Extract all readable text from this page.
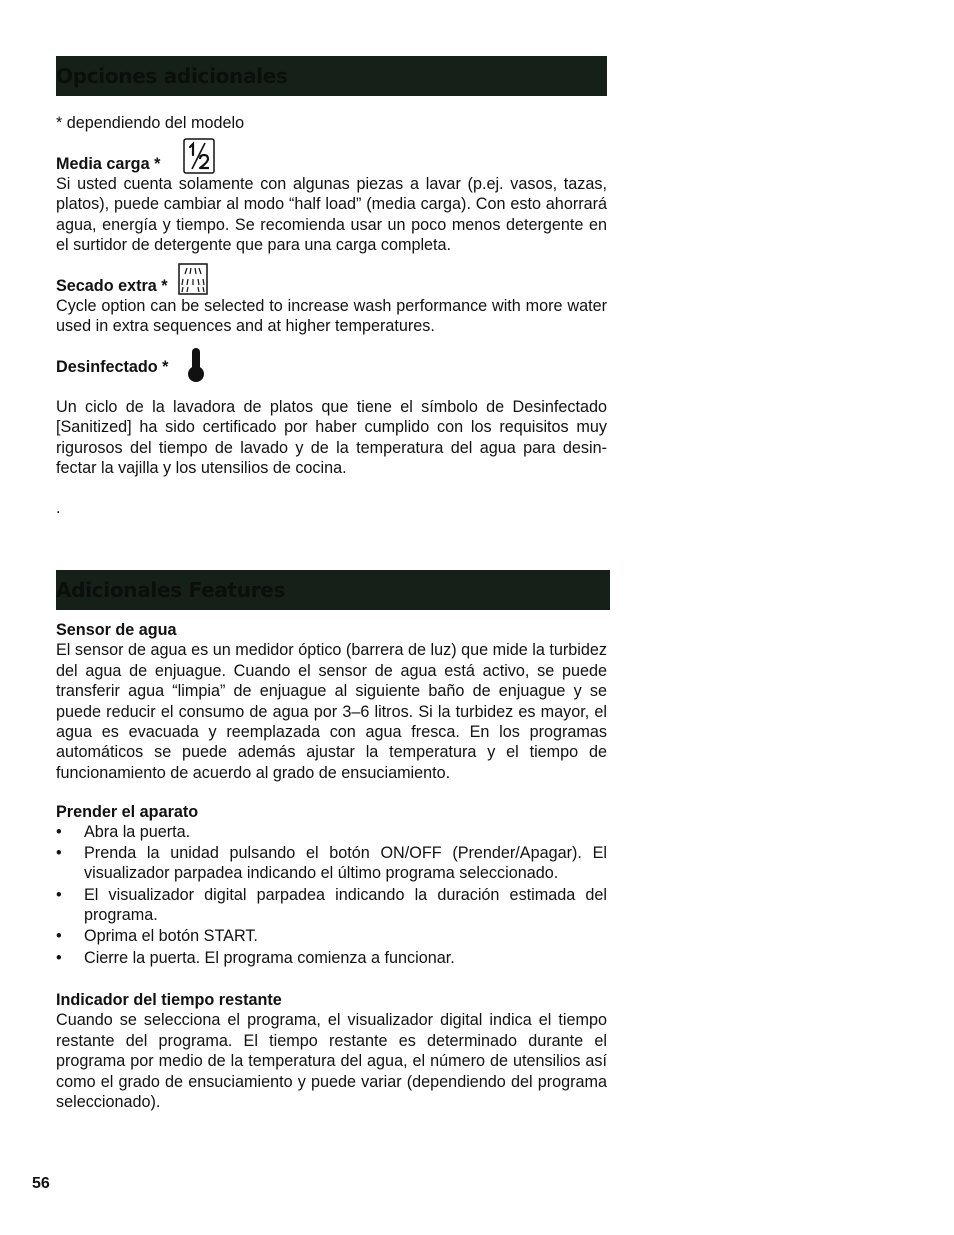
Opciones adicionales

* dependiendo del modelo

Media carga *

Si usted cuenta solamente con algunas piezas a lavar (p.ej. vasos, tazas, platos), puede cambiar al modo “half load” (media carga). Con esto ahorrará agua, energía y tiempo. Se recomienda usar un poco menos detergente en el surtidor de detergente que para una carga completa.

Secado extra *

Cycle option can be selected to increase wash performance with more water used in extra sequences and at higher temperatures.

Desinfectado *

Un ciclo de la lavadora de platos que tiene el símbolo de Desinfectado [Sanitized] ha sido certificado por haber cumplido con los requisitos muy rigurosos del tiempo de lavado y de la temperatura del agua para desin-fectar la vajilla y los utensilios de cocina.

.

Adicionales Features

Sensor de agua

El sensor de agua es un medidor óptico (barrera de luz) que mide la turbidez del agua de enjuague. Cuando el sensor de agua está activo, se puede transferir agua “limpia” de enjuague al siguiente baño de enjuague y se puede reducir el consumo de agua por 3–6 litros. Si la turbidez es mayor, el agua es evacuada y reemplazada con agua fresca. En los programas automáticos se puede además ajustar la temperatura y el tiempo de funcionamiento de acuerdo al grado de ensuciamiento.

Prender el aparato

• Abra la puerta.
• Prenda la unidad pulsando el botón ON/OFF (Prender/Apagar). El visualizador parpadea indicando el último programa seleccionado.
• El visualizador digital parpadea indicando la duración estimada del programa.
• Oprima el botón START.
• Cierre la puerta. El programa comienza a funcionar.

Indicador del tiempo restante

Cuando se selecciona el programa, el visualizador digital indica el tiempo restante del programa. El tiempo restante es determinado durante el programa por medio de la temperatura del agua, el número de utensilios así como el grado de ensuciamiento y puede variar (dependiendo del programa seleccionado).

56
